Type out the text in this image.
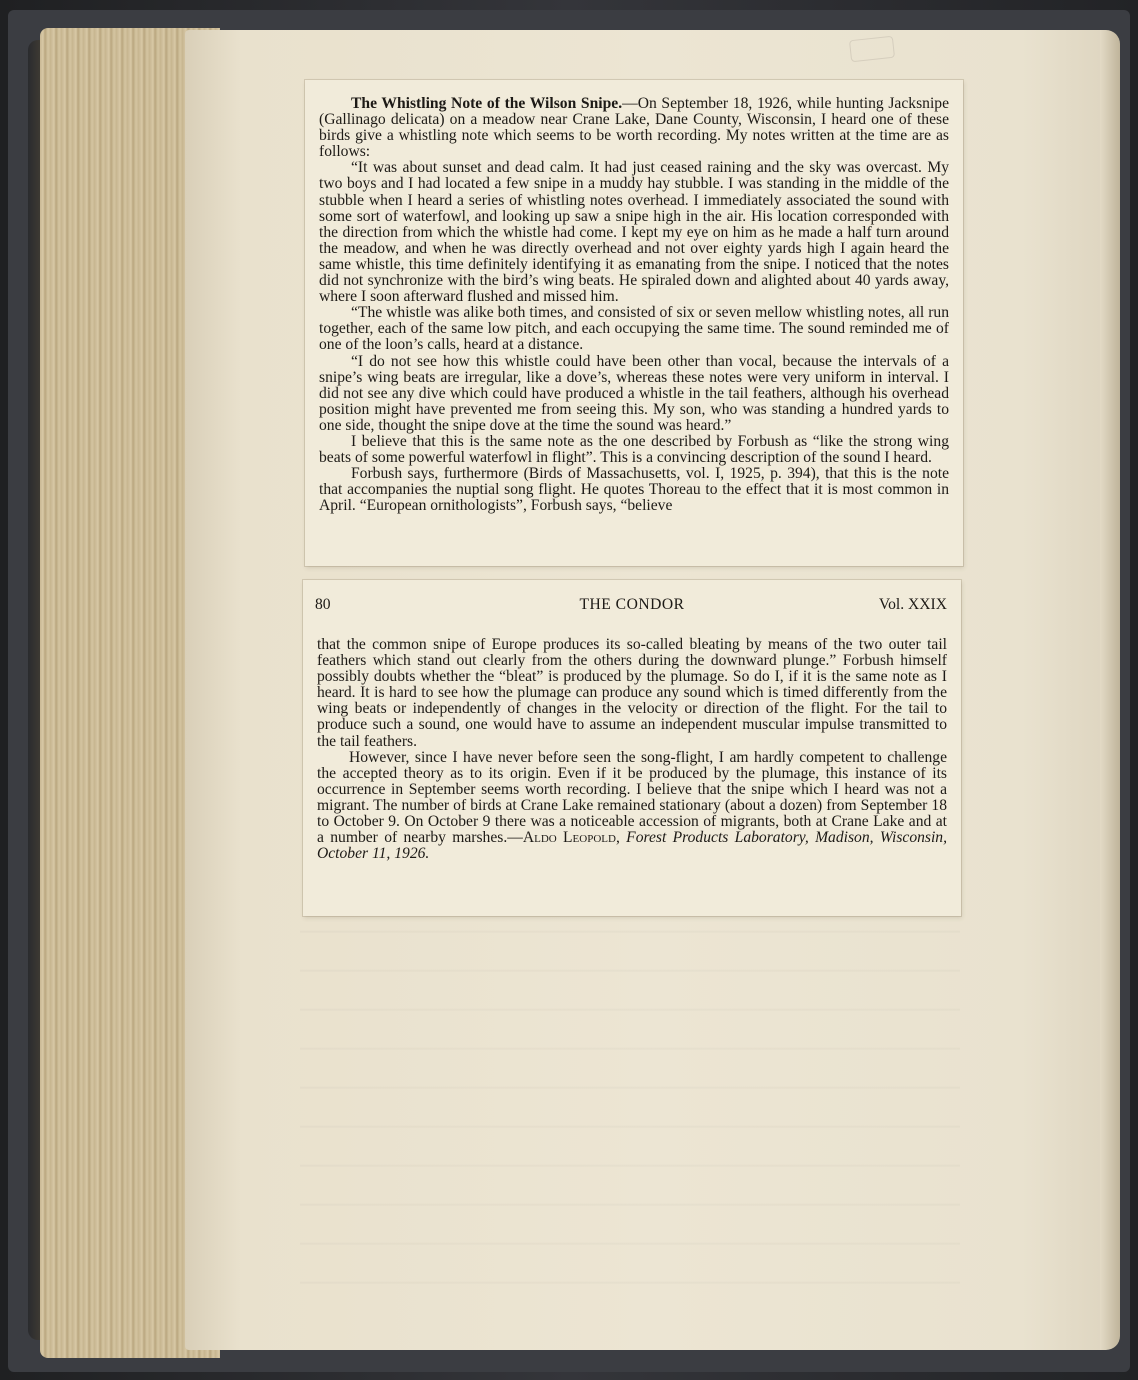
The Whistling Note of the Wilson Snipe.—On September 18, 1926, while hunting Jacksnipe (Gallinago delicata) on a meadow near Crane Lake, Dane County, Wisconsin, I heard one of these birds give a whistling note which seems to be worth recording. My notes written at the time are as follows:

“It was about sunset and dead calm. It had just ceased raining and the sky was overcast. My two boys and I had located a few snipe in a muddy hay stubble. I was standing in the middle of the stubble when I heard a series of whistling notes overhead. I immediately associated the sound with some sort of waterfowl, and looking up saw a snipe high in the air. His location corresponded with the direction from which the whistle had come. I kept my eye on him as he made a half turn around the meadow, and when he was directly overhead and not over eighty yards high I again heard the same whistle, this time definitely identifying it as emanating from the snipe. I noticed that the notes did not synchronize with the bird’s wing beats. He spiraled down and alighted about 40 yards away, where I soon afterward flushed and missed him.

“The whistle was alike both times, and consisted of six or seven mellow whistling notes, all run together, each of the same low pitch, and each occupying the same time. The sound reminded me of one of the loon’s calls, heard at a distance.

“I do not see how this whistle could have been other than vocal, because the intervals of a snipe’s wing beats are irregular, like a dove’s, whereas these notes were very uniform in interval. I did not see any dive which could have produced a whistle in the tail feathers, although his overhead position might have prevented me from seeing this. My son, who was standing a hundred yards to one side, thought the snipe dove at the time the sound was heard.”

I believe that this is the same note as the one described by Forbush as “like the strong wing beats of some powerful waterfowl in flight”. This is a convincing description of the sound I heard.

Forbush says, furthermore (Birds of Massachusetts, vol. I, 1925, p. 394), that this is the note that accompanies the nuptial song flight. He quotes Thoreau to the effect that it is most common in April. “European ornithologists”, Forbush says, “believe

80	THE CONDOR	Vol. XXIX

that the common snipe of Europe produces its so-called bleating by means of the two outer tail feathers which stand out clearly from the others during the downward plunge.” Forbush himself possibly doubts whether the “bleat” is produced by the plumage. So do I, if it is the same note as I heard. It is hard to see how the plumage can produce any sound which is timed differently from the wing beats or independently of changes in the velocity or direction of the flight. For the tail to produce such a sound, one would have to assume an independent muscular impulse transmitted to the tail feathers.

However, since I have never before seen the song-flight, I am hardly competent to challenge the accepted theory as to its origin. Even if it be produced by the plumage, this instance of its occurrence in September seems worth recording. I believe that the snipe which I heard was not a migrant. The number of birds at Crane Lake remained stationary (about a dozen) from September 18 to October 9. On October 9 there was a noticeable accession of migrants, both at Crane Lake and at a number of nearby marshes.—Aldo Leopold, Forest Products Laboratory, Madison, Wisconsin, October 11, 1926.
